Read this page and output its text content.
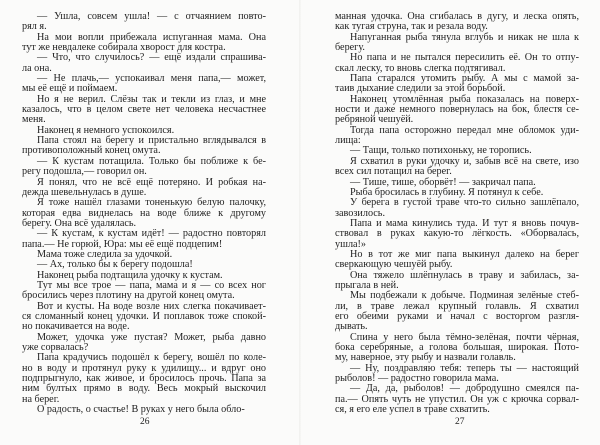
— Ушла, совсем ушла! — с отчаянием повто-
рял я.
На мои вопли прибежала испуганная мама. Она
тут же невдалеке собирала хворост для костра.
— Что, что случилось? — ещё издали спрашива-
ла она.
— Не плачь,— успокаивал меня папа,— может,
мы её ещё и поймаем.
Но я не верил. Слёзы так и текли из глаз, и мне
казалось, что в целом свете нет человека несчастнее
меня.
Наконец я немного успокоился.
Папа стоял на берегу и пристально вглядывался в
противоположный конец омута.
— К кустам потащила. Только бы поближе к бе-
регу подошла,— говорил он.
Я понял, что не всё ещё потеряно. И робкая на-
дежда шевельнулась в душе.
Я тоже нашёл глазами тоненькую белую палочку,
которая едва виднелась на воде ближе к другому
берегу. Она всё удалялась.
— К кустам, к кустам идёт! — радостно повторял
папа.— Не горюй, Юра: мы её ещё подцепим!
Мама тоже следила за удочкой.
— Ах, только бы к берегу подошла!
Наконец рыба подтащила удочку к кустам.
Тут мы все трое — папа, мама и я — со всех ног
бросились через плотину на другой конец омута.
Вот и кусты. На воде возле них слегка покачивает-
ся сломанный конец удочки. И поплавок тоже спокой-
но покачивается на воде.
Может, удочка уже пустая? Может, рыба давно
уже сорвалась?
Папа крадучись подошёл к берегу, вошёл по коле-
но в воду и протянул руку к удилищу... и вдруг оно
подпрыгнуло, как живое, и бросилось прочь. Папа за
ним бултых прямо в воду. Весь мокрый выскочил
на берег.
О радость, о счастье! В руках у него была обло-
манная удочка. Она сгибалась в дугу, и леска опять,
как тугая струна, так и резала воду.
Напуганная рыба тянула вглубь и никак не шла к
берегу.
Но папа и не пытался пересилить её. Он то отпу-
скал леску, то вновь слегка подтягивал.
Папа старался утомить рыбу. А мы с мамой за-
таив дыхание следили за этой борьбой.
Наконец утомлённая рыба показалась на поверх-
ности и даже немного повернулась на бок, блестя се-
ребряной чешуёй.
Тогда папа осторожно передал мне обломок уди-
лища:
— Тащи, только потихоньку, не торопись.
Я схватил в руки удочку и, забыв всё на свете, изо
всех сил потащил на берег.
— Тише, тише, оборвёт! — закричал папа.
Рыба бросилась в глубину. Я потянул к себе.
У берега в густой траве что-то сильно зашлёпало,
завозилось.
Папа и мама кинулись туда. И тут я вновь почув-
ствовал в руках какую-то лёгкость. «Оборвалась,
ушла!»
Но в тот же миг папа выкинул далеко на берег
сверкающую чешуёй рыбу.
Она тяжело шлёпнулась в траву и забилась, за-
прыгала в ней.
Мы подбежали к добыче. Подминая зелёные стеб-
ли, в траве лежал крупный голавль. Я схватил
его обеими руками и начал с восторгом разгля-
дывать.
Спина у него была тёмно-зелёная, почти чёрная,
бока серебряные, а голова большая, широкая. Пото-
му, наверное, эту рыбу и назвали голавль.
— Ну, поздравляю тебя: теперь ты — настоящий
рыболов! — радостно говорила мама.
— Да, да, рыболов! — добродушно смеялся па-
па.— Опять чуть не упустил. Он уж с крючка сорвал-
ся, я его еле успел в траве схватить.
26	27
